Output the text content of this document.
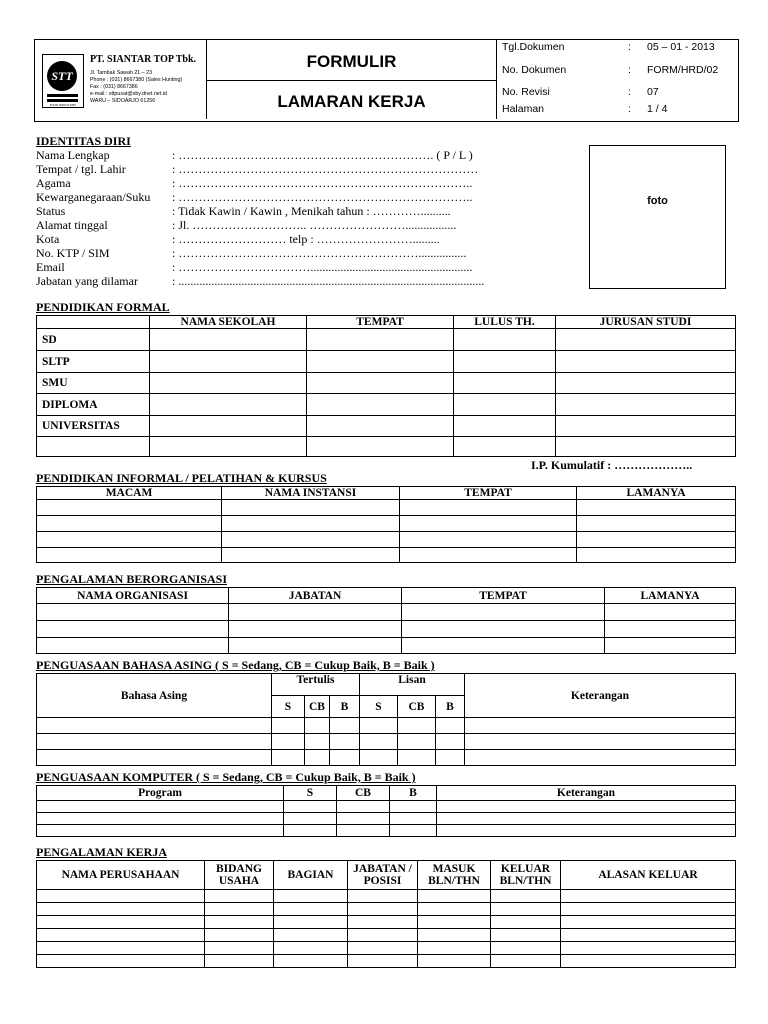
STT
FOOD INDUSTRIES
PT. SIANTAR TOP Tbk.
Jl. Tambak Sawah 21 – 23
Phone : (031) 8667380 (Sales Hunting)
Fax : (031) 8667386
e-mail : sttpusat@sby.dnet.net.id
WARU – SIDOARJO 61256
FORMULIR
LAMARAN KERJA
Tgl.Dokumen	: 05 – 01 - 2013
No. Dokumen	: FORM/HRD/02
No. Revisi	: 07
Halaman	: 1 / 4
IDENTITAS DIRI
Nama Lengkap	: ………………………………………………………. ( P / L )
Tempat / tgl. Lahir	: …………………………………………………………………
Agama	: ………………………………………………………………..
Kewarganegaraan/Suku : ………………………………………………………………..
Status	: Tidak Kawin / Kawin , Menikah tahun : …………..........
Alamat tinggal	: Jl. ……………………….. …………………….................
Kota	: ……………………… telp : …………………….........
No. KTP / SIM	: ……………………………………………………................
Email	: ……………………………......................................................
Jabatan yang dilamar	: ......................................................................................................
foto
PENDIDIKAN FORMAL
	NAMA SEKOLAH	TEMPAT	LULUS TH.	JURUSAN STUDI
SD				
SLTP				
SMU				
DIPLOMA				
UNIVERSITAS				

I.P. Kumulatif : ………………..
PENDIDIKAN INFORMAL / PELATIHAN & KURSUS
MACAM	NAMA INSTANSI	TEMPAT	LAMANYA

PENGALAMAN BERORGANISASI
NAMA ORGANISASI	JABATAN	TEMPAT	LAMANYA

PENGUASAAN BAHASA ASING ( S = Sedang, CB = Cukup Baik, B = Baik )
Bahasa Asing	Tertulis			Lisan			Keterangan
	S	CB	B	S	CB	B	

PENGUASAAN KOMPUTER ( S = Sedang, CB = Cukup Baik, B = Baik )
Program	S	CB	B	Keterangan

PENGALAMAN KERJA
NAMA PERUSAHAAN	BIDANG USAHA	BAGIAN	JABATAN / POSISI	MASUK BLN/THN	KELUAR BLN/THN	ALASAN KELUAR
